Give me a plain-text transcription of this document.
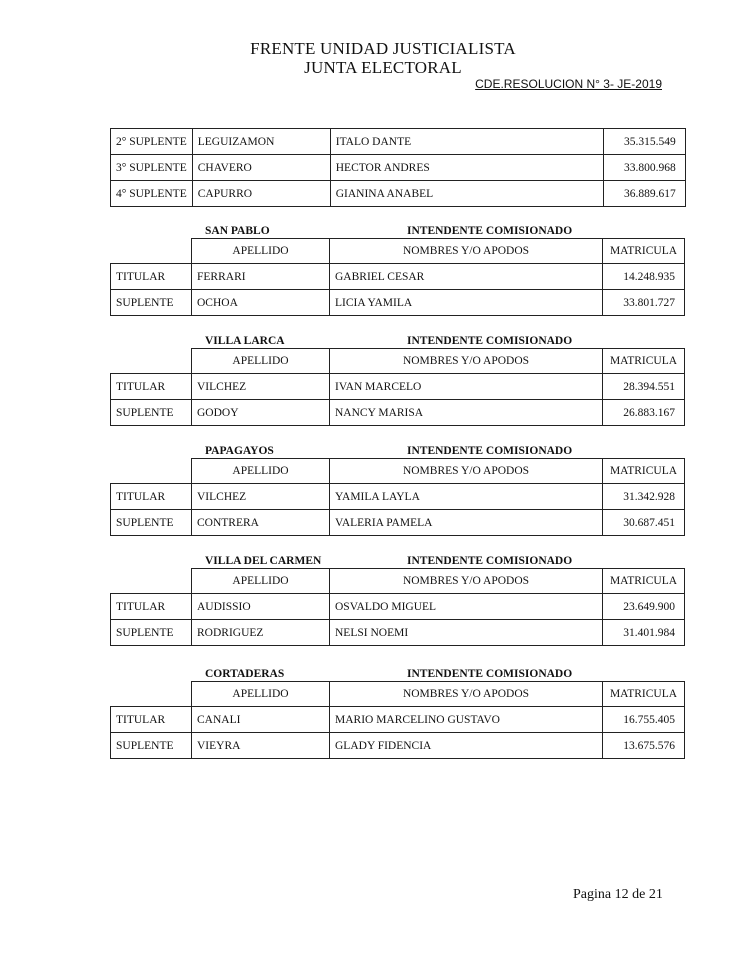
FRENTE UNIDAD JUSTICIALISTA
JUNTA ELECTORAL
CDE.RESOLUCION N° 3- JE-2019
2° SUPLENTE	LEGUIZAMON	ITALO DANTE	35.315.549
3° SUPLENTE	CHAVERO	HECTOR ANDRES	33.800.968
4° SUPLENTE	CAPURRO	GIANINA ANABEL	36.889.617
SAN PABLO	INTENDENTE COMISIONADO
	APELLIDO	NOMBRES Y/O APODOS	MATRICULA
TITULAR	FERRARI	GABRIEL CESAR	14.248.935
SUPLENTE	OCHOA	LICIA YAMILA	33.801.727
VILLA LARCA	INTENDENTE COMISIONADO
	APELLIDO	NOMBRES Y/O APODOS	MATRICULA
TITULAR	VILCHEZ	IVAN MARCELO	28.394.551
SUPLENTE	GODOY	NANCY MARISA	26.883.167
PAPAGAYOS	INTENDENTE COMISIONADO
	APELLIDO	NOMBRES Y/O APODOS	MATRICULA
TITULAR	VILCHEZ	YAMILA LAYLA	31.342.928
SUPLENTE	CONTRERA	VALERIA PAMELA	30.687.451
VILLA DEL CARMEN	INTENDENTE COMISIONADO
	APELLIDO	NOMBRES Y/O APODOS	MATRICULA
TITULAR	AUDISSIO	OSVALDO MIGUEL	23.649.900
SUPLENTE	RODRIGUEZ	NELSI NOEMI	31.401.984
CORTADERAS	INTENDENTE COMISIONADO
	APELLIDO	NOMBRES Y/O APODOS	MATRICULA
TITULAR	CANALI	MARIO MARCELINO GUSTAVO	16.755.405
SUPLENTE	VIEYRA	GLADY FIDENCIA	13.675.576
Pagina 12 de 21
